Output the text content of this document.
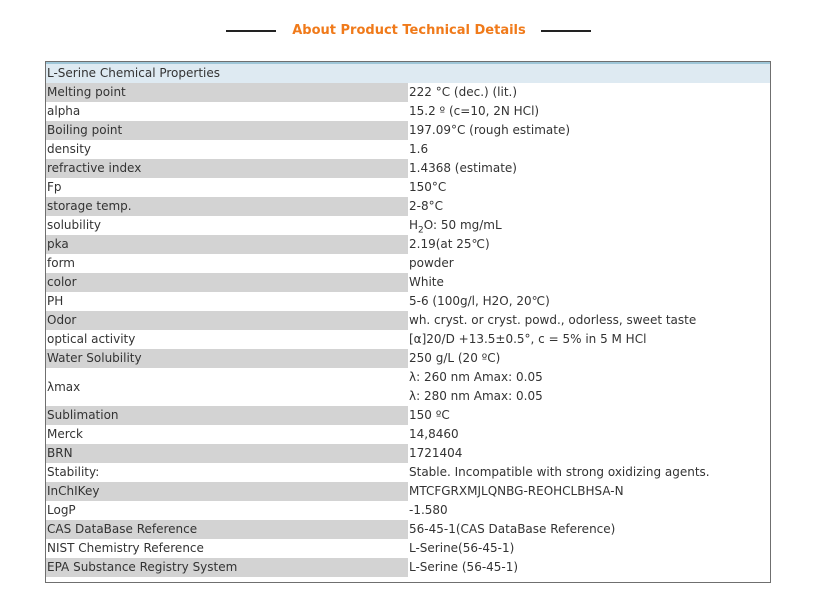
About Product Technical Details
L-Serine Chemical Properties	
Melting point	222 °C (dec.) (lit.)
alpha	15.2 º (c=10, 2N HCl)
Boiling point	197.09°C (rough estimate)
density	1.6
refractive index	1.4368 (estimate)
Fp	150°C
storage temp.	2-8°C
solubility	$H_2O$: 50 mg/mL
pka	2.19(at 25℃)
form	powder
color	White
PH	5-6 (100g/l, H2O, 20℃)
Odor	wh. cryst. or cryst. powd., odorless, sweet taste
optical activity	[α]20/D +13.5±0.5°, c = 5% in 5 M HCl
Water Solubility	250 g/L (20 ºC)
λmax	λ: 260 nm Amax: 0.05
λ: 280 nm Amax: 0.05

Sublimation	150 ºC
Merck	14,8460
BRN	1721404
Stability:	Stable. Incompatible with strong oxidizing agents.
InChIKey	MTCFGRXMJLQNBG-REOHCLBHSA-N
LogP	-1.580
CAS DataBase Reference	56-45-1(CAS DataBase Reference)
NIST Chemistry Reference	L-Serine(56-45-1)
EPA Substance Registry System	L-Serine (56-45-1)
